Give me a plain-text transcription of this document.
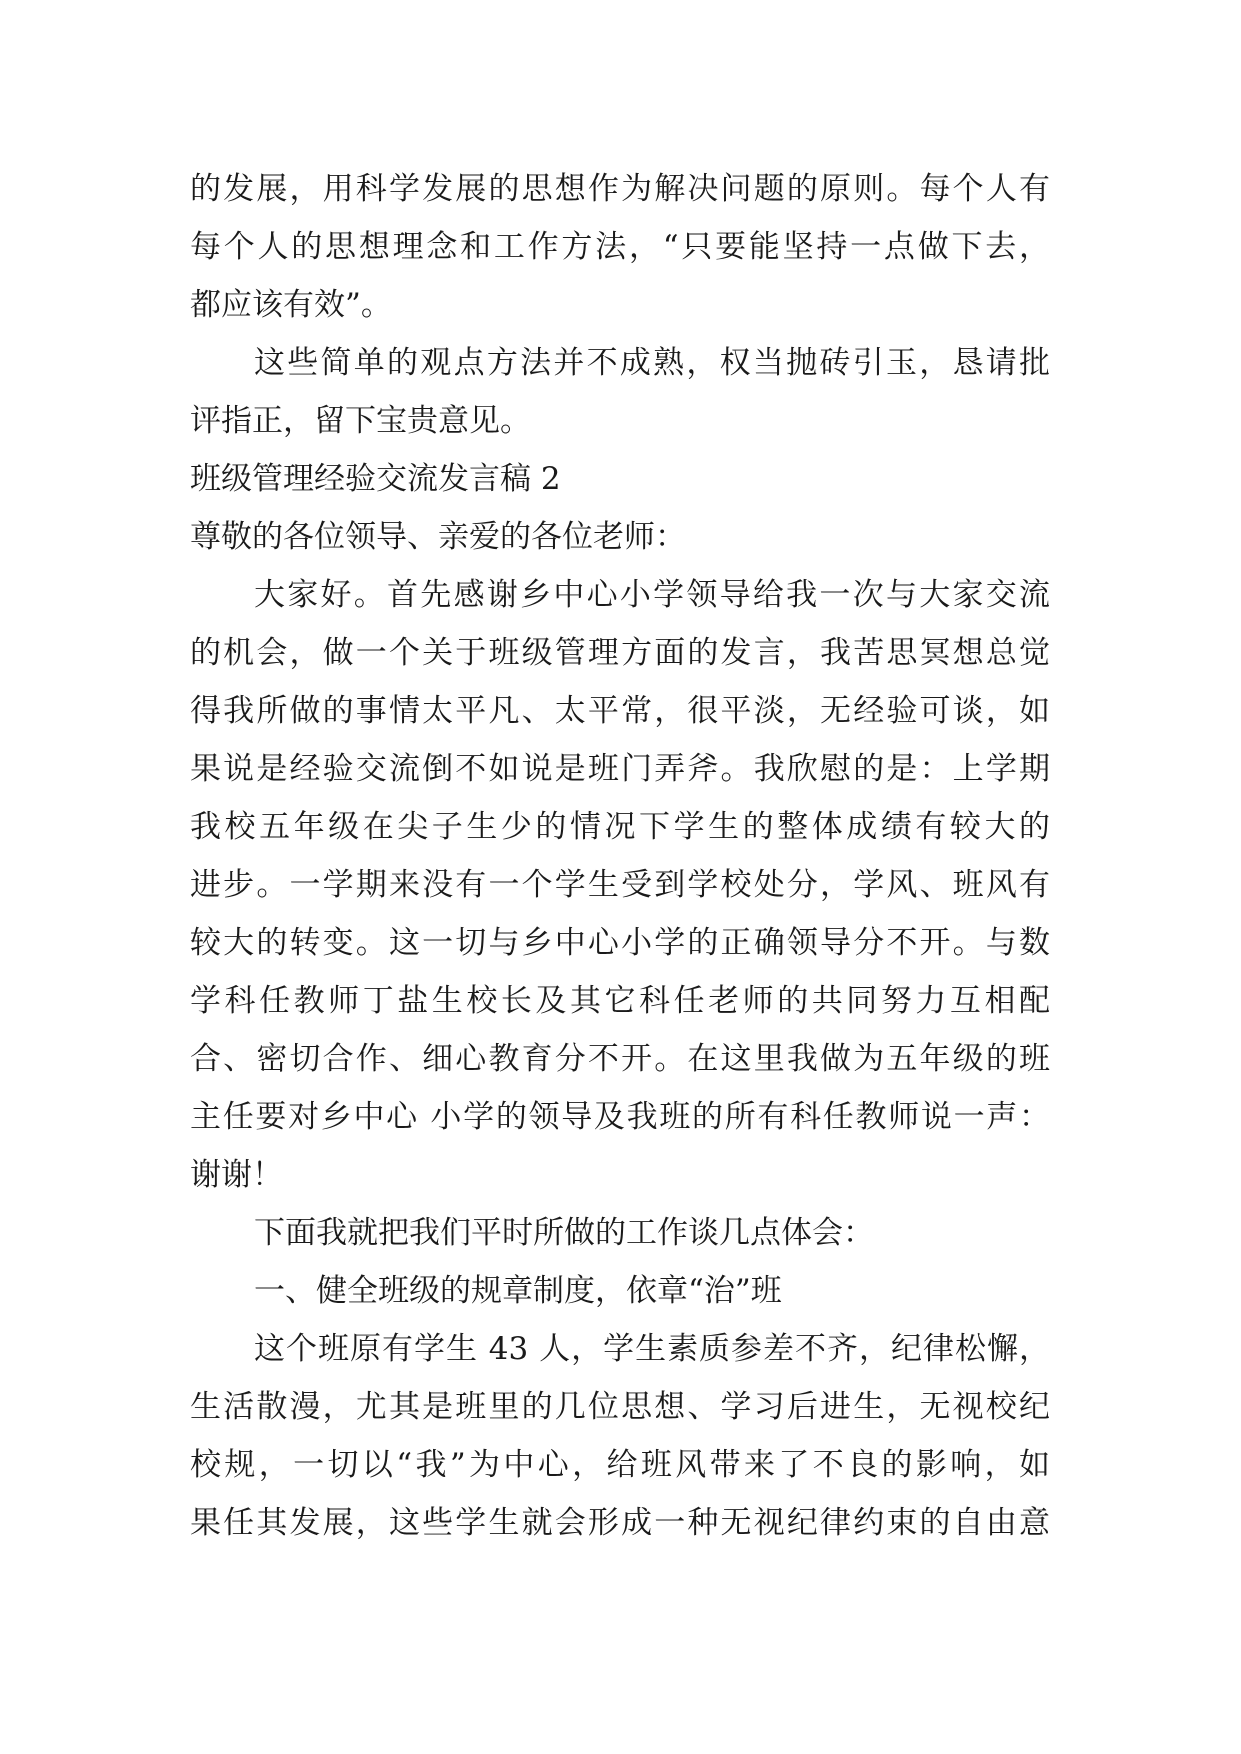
的发展，用科学发展的思想作为解决问题的原则。每个人有
每个人的思想理念和工作方法，“只要能坚持一点做下去，
都应该有效”。
这些简单的观点方法并不成熟，权当抛砖引玉，恳请批
评指正，留下宝贵意见。
班级管理经验交流发言稿 2
尊敬的各位领导、亲爱的各位老师：
大家好。首先感谢乡中心小学领导给我一次与大家交流
的机会，做一个关于班级管理方面的发言，我苦思冥想总觉
得我所做的事情太平凡、太平常，很平淡，无经验可谈，如
果说是经验交流倒不如说是班门弄斧。我欣慰的是：上学期
我校五年级在尖子生少的情况下学生的整体成绩有较大的
进步。一学期来没有一个学生受到学校处分，学风、班风有
较大的转变。这一切与乡中心小学的正确领导分不开。与数
学科任教师丁盐生校长及其它科任老师的共同努力互相配
合、密切合作、细心教育分不开。在这里我做为五年级的班
主任要对乡中心 小学的领导及我班的所有科任教师说一声：
谢谢！
下面我就把我们平时所做的工作谈几点体会：
一、健全班级的规章制度，依章“治”班
这个班原有学生 43 人，学生素质参差不齐，纪律松懈，
生活散漫，尤其是班里的几位思想、学习后进生，无视校纪
校规，一切以“我”为中心，给班风带来了不良的影响，如
果任其发展，这些学生就会形成一种无视纪律约束的自由意
